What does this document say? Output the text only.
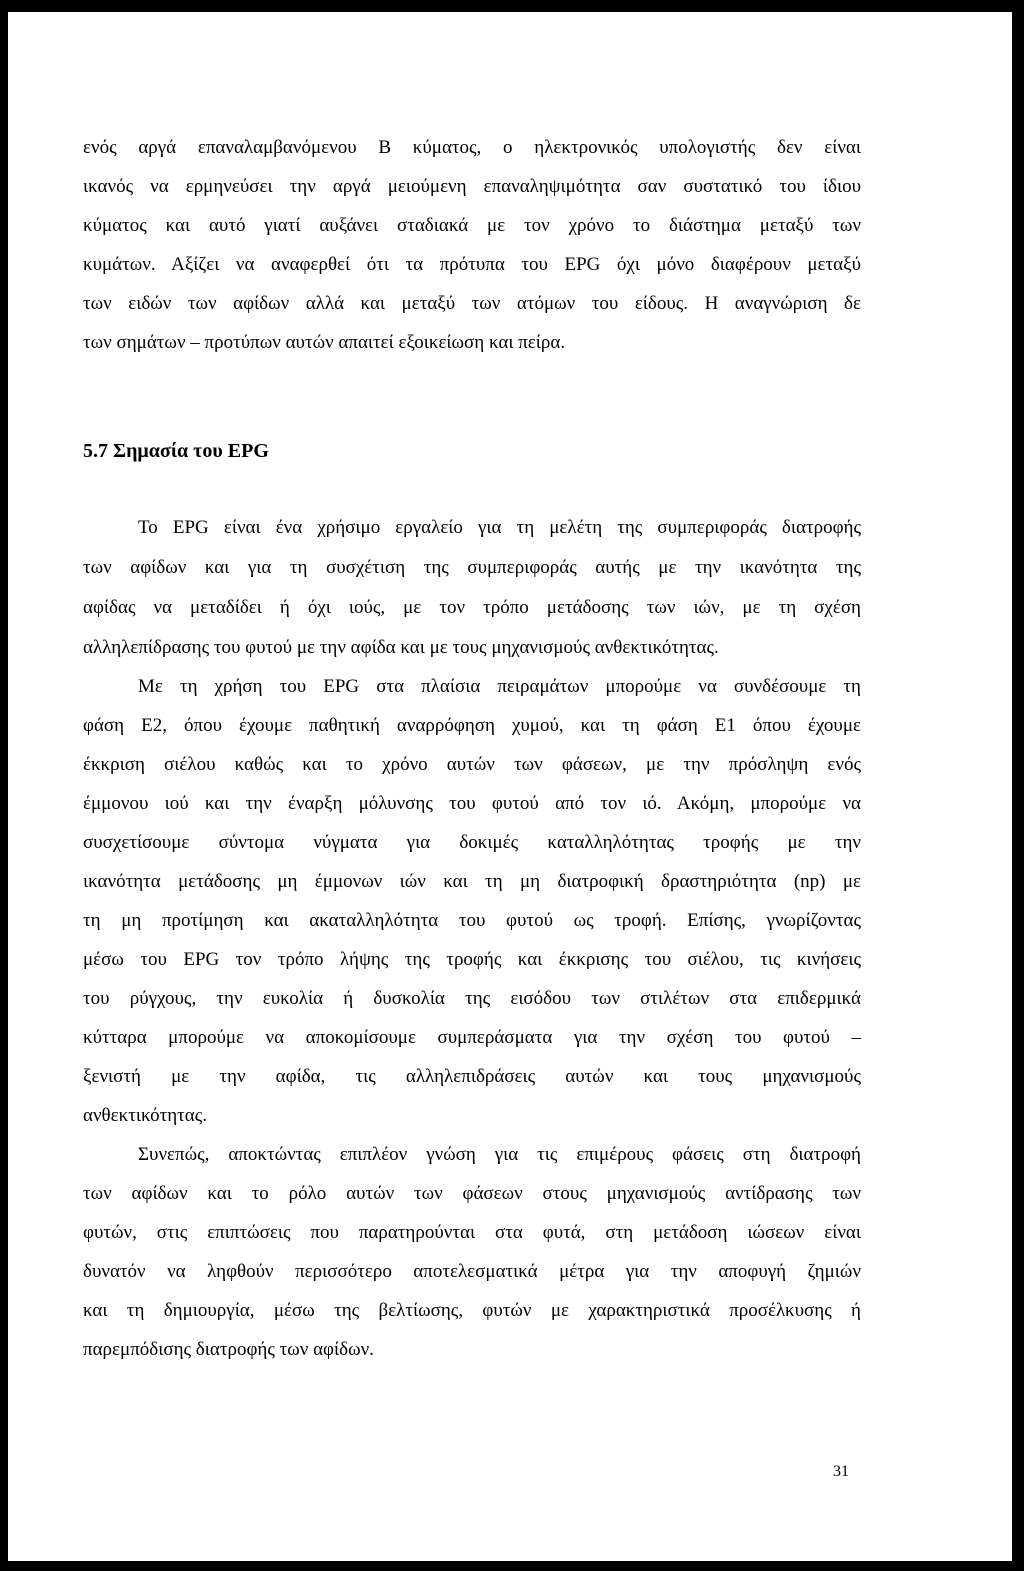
ενός αργά επαναλαμβανόμενου Β κύματος, ο ηλεκτρονικός υπολογιστής δεν είναι
ικανός να ερμηνεύσει την αργά μειούμενη επαναληψιμότητα σαν συστατικό του ίδιου
κύματος και αυτό γιατί αυξάνει σταδιακά με τον χρόνο το διάστημα μεταξύ των
κυμάτων. Αξίζει να αναφερθεί ότι τα πρότυπα του EPG όχι μόνο διαφέρουν μεταξύ
των ειδών των αφίδων αλλά και μεταξύ των ατόμων του είδους. Η αναγνώριση δε
των σημάτων – προτύπων αυτών απαιτεί εξοικείωση και πείρα.
5.7 Σημασία του EPG
Το EPG είναι ένα χρήσιμο εργαλείο για τη μελέτη της συμπεριφοράς διατροφής
των αφίδων και για τη συσχέτιση της συμπεριφοράς αυτής με την ικανότητα της
αφίδας να μεταδίδει ή όχι ιούς, με τον τρόπο μετάδοσης των ιών, με τη σχέση
αλληλεπίδρασης του φυτού με την αφίδα και με τους μηχανισμούς ανθεκτικότητας.
Με τη χρήση του EPG στα πλαίσια πειραμάτων μπορούμε να συνδέσουμε τη
φάση Ε2, όπου έχουμε παθητική αναρρόφηση χυμού, και τη φάση Ε1 όπου έχουμε
έκκριση σιέλου καθώς και το χρόνο αυτών των φάσεων, με την πρόσληψη ενός
έμμονου ιού και την έναρξη μόλυνσης του φυτού από τον ιό. Ακόμη, μπορούμε να
συσχετίσουμε σύντομα νύγματα για δοκιμές καταλληλότητας τροφής με την
ικανότητα μετάδοσης μη έμμονων ιών και τη μη διατροφική δραστηριότητα (np) με
τη μη προτίμηση και ακαταλληλότητα του φυτού ως τροφή. Επίσης, γνωρίζοντας
μέσω του EPG τον τρόπο λήψης της τροφής και έκκρισης του σιέλου, τις κινήσεις
του ρύγχους, την ευκολία ή δυσκολία της εισόδου των στιλέτων στα επιδερμικά
κύτταρα μπορούμε να αποκομίσουμε συμπεράσματα για την σχέση του φυτού –
ξενιστή με την αφίδα, τις αλληλεπιδράσεις αυτών και τους μηχανισμούς
ανθεκτικότητας.
Συνεπώς, αποκτώντας επιπλέον γνώση για τις επιμέρους φάσεις στη διατροφή
των αφίδων και το ρόλο αυτών των φάσεων στους μηχανισμούς αντίδρασης των
φυτών, στις επιπτώσεις που παρατηρούνται στα φυτά, στη μετάδοση ιώσεων είναι
δυνατόν να ληφθούν περισσότερο αποτελεσματικά μέτρα για την αποφυγή ζημιών
και τη δημιουργία, μέσω της βελτίωσης, φυτών με χαρακτηριστικά προσέλκυσης ή
παρεμπόδισης διατροφής των αφίδων.
31
